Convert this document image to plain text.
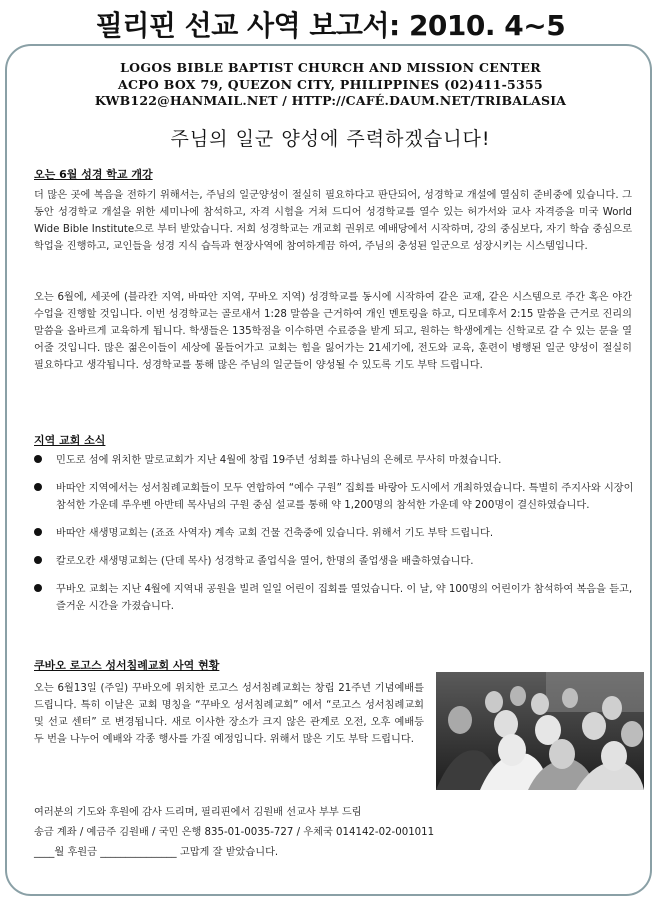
필리핀 선교 사역 보고서: 2010. 4~5
LOGOS BIBLE BAPTIST CHURCH AND MISSION CENTER
ACPO BOX 79, QUEZON CITY, PHILIPPINES (02)411-5355
KWB122@HANMAIL.NET / HTTP://CAFÉ.DAUM.NET/TRIBALASIA
주님의 일군 양성에 주력하겠습니다!
오는 6월 성경 학교 개강

더 많은 곳에 복음을 전하기 위해서는, 주님의 일군양성이 절실히 필요하다고 판단되어, 성경학교 개설에 열심히 준비중에 있습니다. 그동안 성경학교 개설을 위한 세미나에 참석하고, 자격 시험을 거쳐 드디어 성경학교를 열수 있는 허가서와 교사 자격증을 미국 World Wide Bible Institute으로 부터 받았습니다. 저희 성경학교는 개교회 권위로 예배당에서 시작하며, 강의 중심보다, 자기 학습 중심으로 학업을 진행하고, 교인들을 성경 지식 습득과 현장사역에 참여하게끔 하여, 주님의 충성된 일군으로 성장시키는 시스템입니다.

오는 6월에, 세곳에 (블라칸 지역, 바따안 지역, 꾸바오 지역) 성경학교를 동시에 시작하여 같은 교재, 같은 시스템으로 주간 혹은 야간 수업을 진행할 것입니다. 이번 성경학교는 골로새서 1:28 말씀을 근거하여 개인 멘토링을 하고, 디모데후서 2:15 말씀을 근거로 진리의 말씀을 올바르게 교육하게 됩니다. 학생들은 135학점을 이수하면 수료증을 받게 되고, 원하는 학생에게는 신학교로 갈 수 있는 문을 열어줄 것입니다. 많은 젊은이들이 세상에 몰들어가고 교회는 힘을 잃어가는 21세기에, 전도와 교육, 훈련이 병행된 일군 양성이 절실히 필요하다고 생각됩니다. 성경학교를 통해 많은 주님의 일군들이 양성될 수 있도록 기도 부탁 드립니다.

지역 교회 소식
민도로 섬에 위치한 말로교회가 지난 4월에 창립 19주년 성회를 하나님의 은혜로 무사히 마쳤습니다.
바따안 지역에서는 성서침례교회들이 모두 연합하여 “예수 구원” 집회를 바랑아 도시에서 개최하였습니다. 특별히 주지사와 시장이 참석한 가운데 루우벤 아반테 목사님의 구원 중심 설교를 통해 약 1,200명의 참석한 가운데 약 200명이 결신하였습니다.
바따안 새생명교회는 (죠죠 사역자) 계속 교회 건물 건축중에 있습니다. 위해서 기도 부탁 드립니다.
칼로오칸 새생명교회는 (단데 목사) 성경학교 졸업식을 열어, 한명의 졸업생을 배출하였습니다.
꾸바오 교회는 지난 4월에 지역내 공원을 빌려 일일 어린이 집회를 열었습니다. 이 날, 약 100명의 어린이가 참석하여 복음을 듣고, 즐거운 시간을 가졌습니다.
쿠바오 로고스 성서침례교회 사역 현황

오는 6월13일 (주일) 꾸바오에 위치한 로고스 성서침례교회는 창립 21주년 기념예배를 드립니다. 특히 이날은 교회 명칭을 “꾸바오 성서침례교회” 에서 “로고스 성서침례교회 및 선교 센터” 로 변경됩니다. 새로 이사한 장소가 크지 않은 관계로 오전, 오후 예배등 두 번을 나누어 예배와 각종 행사를 가질 예정입니다. 위해서 많은 기도 부탁 드립니다.

여러분의 기도와 후원에 감사 드리며, 필리핀에서 김원배 선교사 부부 드림
송금 계좌 / 예금주 김원배 / 국민 은행 835-01-0035-727 / 우체국 014142-02-001011
____월 후원금 _______________ 고맙게 잘 받았습니다.
